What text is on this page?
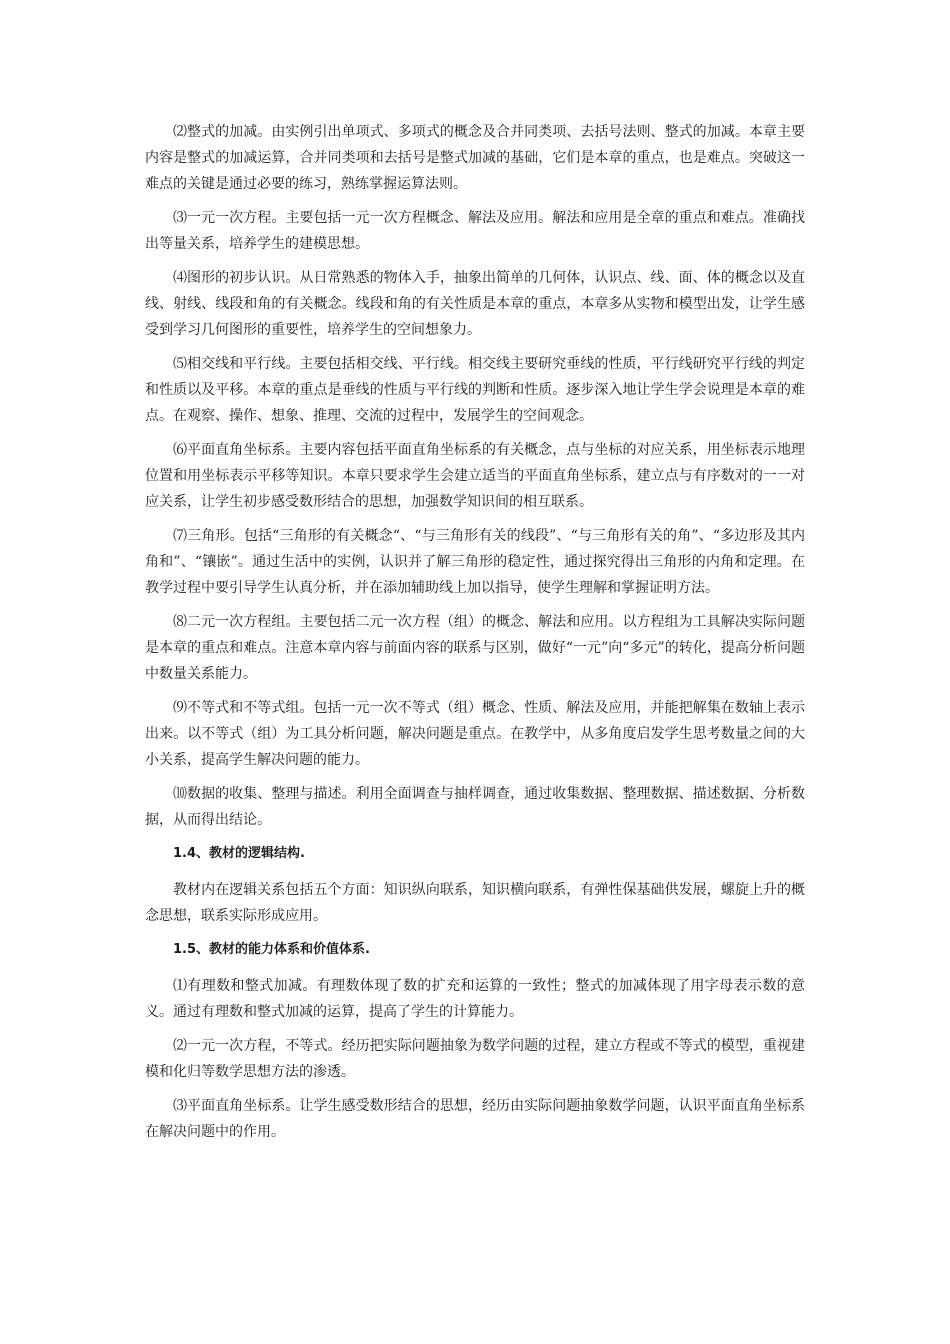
⑵整式的加减。由实例引出单项式、多项式的概念及合并同类项、去括号法则、整式的加减。本章主要内容是整式的加减运算，合并同类项和去括号是整式加减的基础，它们是本章的重点，也是难点。突破这一难点的关键是通过必要的练习，熟练掌握运算法则。

⑶一元一次方程。主要包括一元一次方程概念、解法及应用。解法和应用是全章的重点和难点。准确找出等量关系，培养学生的建模思想。

⑷图形的初步认识。从日常熟悉的物体入手，抽象出简单的几何体，认识点、线、面、体的概念以及直线、射线、线段和角的有关概念。线段和角的有关性质是本章的重点，本章多从实物和模型出发，让学生感受到学习几何图形的重要性，培养学生的空间想象力。

⑸相交线和平行线。主要包括相交线、平行线。相交线主要研究垂线的性质，平行线研究平行线的判定和性质以及平移。本章的重点是垂线的性质与平行线的判断和性质。逐步深入地让学生学会说理是本章的难点。在观察、操作、想象、推理、交流的过程中，发展学生的空间观念。

⑹平面直角坐标系。主要内容包括平面直角坐标系的有关概念，点与坐标的对应关系，用坐标表示地理位置和用坐标表示平移等知识。本章只要求学生会建立适当的平面直角坐标系，建立点与有序数对的一一对应关系，让学生初步感受数形结合的思想，加强数学知识间的相互联系。

⑺三角形。包括“三角形的有关概念“、“与三角形有关的线段”、“与三角形有关的角”、“多边形及其内角和”、“镶嵌”。通过生活中的实例，认识并了解三角形的稳定性，通过探究得出三角形的内角和定理。在教学过程中要引导学生认真分析，并在添加辅助线上加以指导，使学生理解和掌握证明方法。

⑻二元一次方程组。主要包括二元一次方程（组）的概念、解法和应用。以方程组为工具解决实际问题是本章的重点和难点。注意本章内容与前面内容的联系与区别，做好“一元”向“多元”的转化，提高分析问题中数量关系能力。

⑼不等式和不等式组。包括一元一次不等式（组）概念、性质、解法及应用，并能把解集在数轴上表示出来。以不等式（组）为工具分析问题，解决问题是重点。在教学中，从多角度启发学生思考数量之间的大小关系，提高学生解决问题的能力。

⑽数据的收集、整理与描述。利用全面调查与抽样调查，通过收集数据、整理数据、描述数据、分析数据，从而得出结论。

1.4、教材的逻辑结构.

教材内在逻辑关系包括五个方面：知识纵向联系，知识横向联系，有弹性保基础供发展，螺旋上升的概念思想，联系实际形成应用。

1.5、教材的能力体系和价值体系.

⑴有理数和整式加减。有理数体现了数的扩充和运算的一致性；整式的加减体现了用字母表示数的意义。通过有理数和整式加减的运算，提高了学生的计算能力。

⑵一元一次方程，不等式。经历把实际问题抽象为数学问题的过程，建立方程或不等式的模型，重视建模和化归等数学思想方法的渗透。

⑶平面直角坐标系。让学生感受数形结合的思想，经历由实际问题抽象数学问题，认识平面直角坐标系在解决问题中的作用。
